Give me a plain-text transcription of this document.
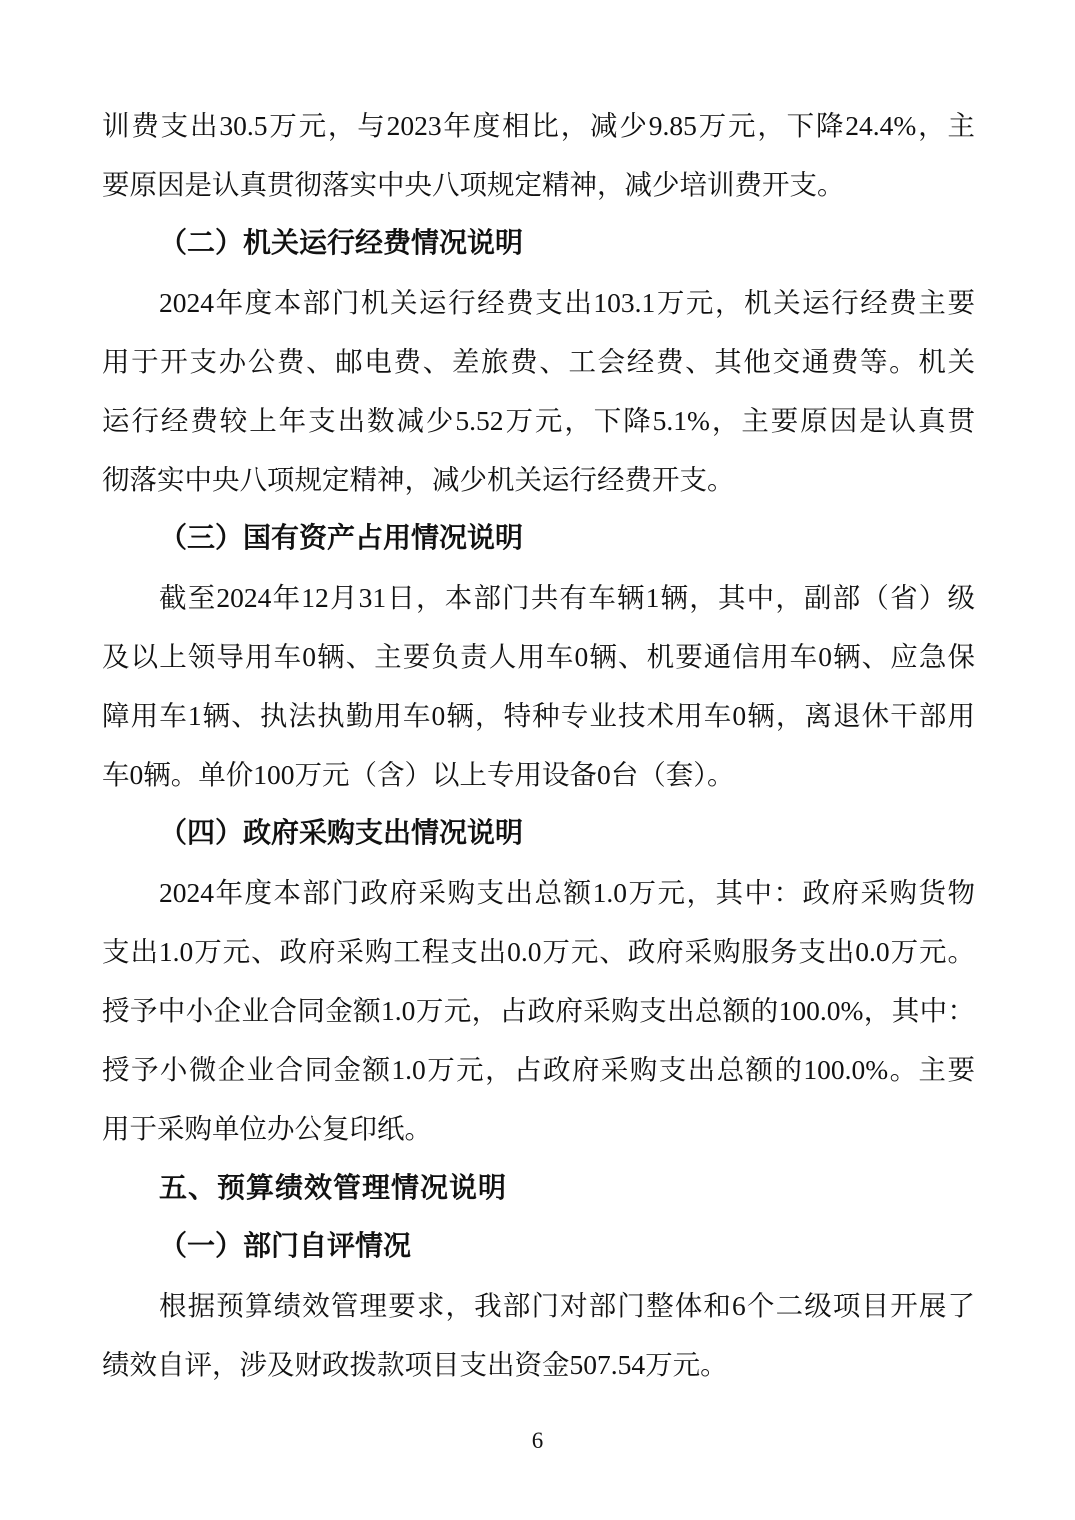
训费支出30.5万元，与2023年度相比，减少9.85万元，下降24.4%，主
要原因是认真贯彻落实中央八项规定精神，减少培训费开支。
（二）机关运行经费情况说明
2024年度本部门机关运行经费支出103.1万元，机关运行经费主要
用于开支办公费、邮电费、差旅费、工会经费、其他交通费等。机关
运行经费较上年支出数减少5.52万元，下降5.1%，主要原因是认真贯
彻落实中央八项规定精神，减少机关运行经费开支。
（三）国有资产占用情况说明
截至2024年12月31日，本部门共有车辆1辆，其中，副部（省）级
及以上领导用车0辆、主要负责人用车0辆、机要通信用车0辆、应急保
障用车1辆、执法执勤用车0辆，特种专业技术用车0辆，离退休干部用
车0辆。单价100万元（含）以上专用设备0台（套）。
（四）政府采购支出情况说明
2024年度本部门政府采购支出总额1.0万元，其中：政府采购货物
支出1.0万元、政府采购工程支出0.0万元、政府采购服务支出0.0万元。
授予中小企业合同金额1.0万元，占政府采购支出总额的100.0%，其中：
授予小微企业合同金额1.0万元，占政府采购支出总额的100.0%。主要
用于采购单位办公复印纸。
五、预算绩效管理情况说明
（一）部门自评情况
根据预算绩效管理要求，我部门对部门整体和6个二级项目开展了
绩效自评，涉及财政拨款项目支出资金507.54万元。
6
